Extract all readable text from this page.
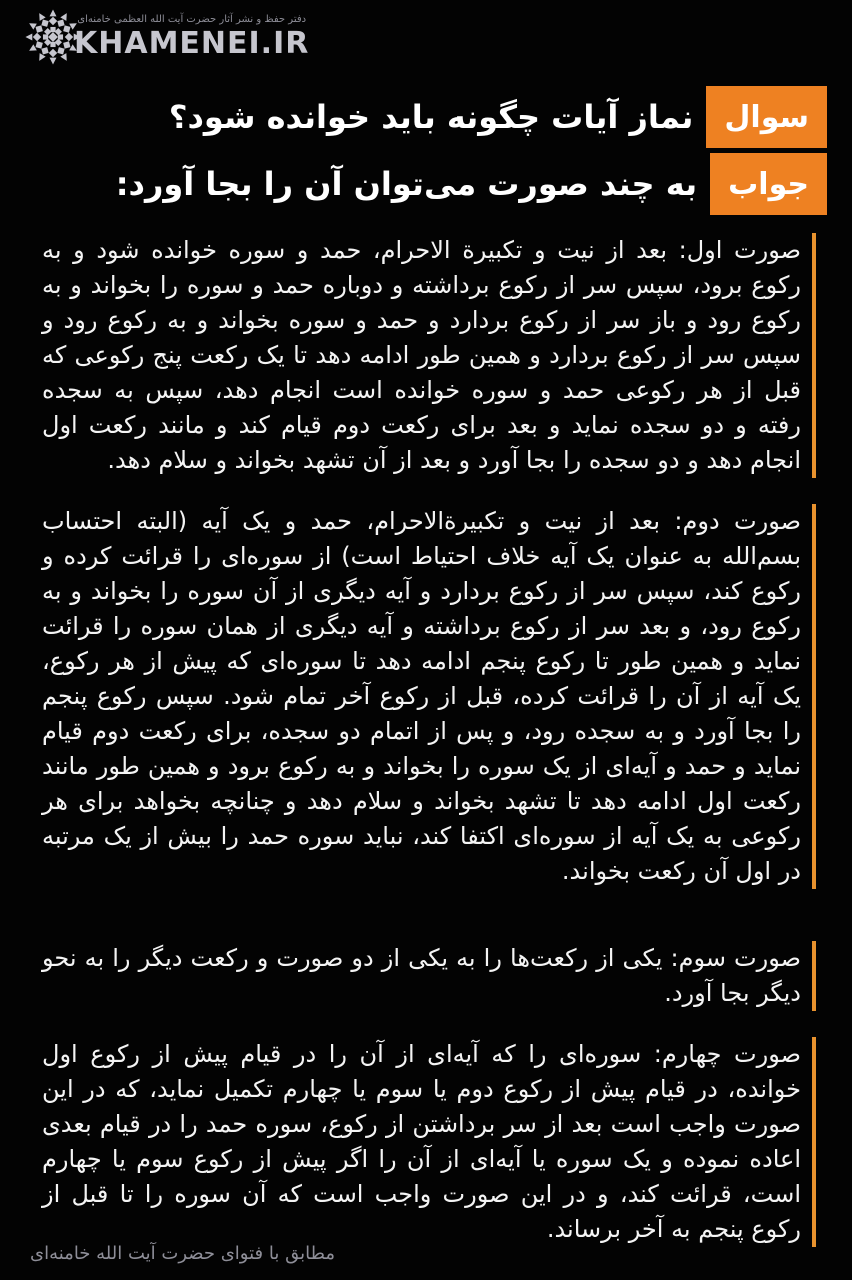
دفتر حفظ و نشر آثار حضرت آیت الله العظمی خامنه‌ای
KHAMENEI.IR
سوال
نماز آیات چگونه باید خوانده شود؟
جواب
به چند صورت می‌توان آن را بجا آورد:

صورت اول: بعد از نیت و تکبیرة الاحرام، حمد و سوره خوانده شود و به رکوع برود، سپس سر از رکوع برداشته و دوباره حمد و سوره را بخواند و به رکوع رود و باز سر از رکوع بردارد و حمد و سوره بخواند و به رکوع رود و سپس سر از رکوع بردارد و همین طور ادامه دهد تا یک رکعت پنج رکوعی که قبل از هر رکوعی حمد و سوره خوانده است انجام دهد، سپس به سجده رفته و دو سجده نماید و بعد برای رکعت دوم قیام کند و مانند رکعت اول انجام دهد و دو سجده را بجا آورد و بعد از آن تشهد بخواند و سلام دهد.

صورت دوم: بعد از نیت و تکبیرةالاحرام، حمد و یک آیه (البته احتساب بسم‌الله به عنوان یک آیه خلاف احتیاط است) از سوره‌ای را قرائت کرده و رکوع کند، سپس سر از رکوع بردارد و آیه دیگری از آن سوره را بخواند و به رکوع رود، و بعد سر از رکوع برداشته و آیه دیگری از همان سوره را قرائت نماید و همین طور تا رکوع پنجم ادامه دهد تا سوره‌ای که پیش از هر رکوع، یک آیه از آن را قرائت کرده، قبل از رکوع آخر تمام شود. سپس رکوع پنجم را بجا آورد و به سجده رود، و پس از اتمام دو سجده، برای رکعت دوم قیام نماید و حمد و آیه‌ای از یک سوره را بخواند و به رکوع برود و همین طور مانند رکعت اول ادامه دهد تا تشهد بخواند و سلام دهد و چنانچه بخواهد برای هر رکوعی به یک آیه از سوره‌ای اکتفا کند، نباید سوره حمد را بیش از یک مرتبه در اول آن رکعت بخواند.

صورت سوم: یکی از رکعت‌ها را به یکی از دو صورت و رکعت دیگر را به نحو دیگر بجا آورد.

صورت چهارم: سوره‌ای را که آیه‌ای از آن را در قیام پیش از رکوع اول خوانده، در قیام پیش از رکوع دوم یا سوم یا چهارم تکمیل نماید، که در این صورت واجب است بعد از سر برداشتن از رکوع، سوره حمد را در قیام بعدی اعاده نموده و یک سوره یا آیه‌ای از آن را اگر پیش از رکوع سوم یا چهارم است، قرائت کند، و در این صورت واجب است که آن سوره را تا قبل از رکوع پنجم به آخر برساند.

مطابق با فتوای حضرت آیت الله خامنه‌ای
